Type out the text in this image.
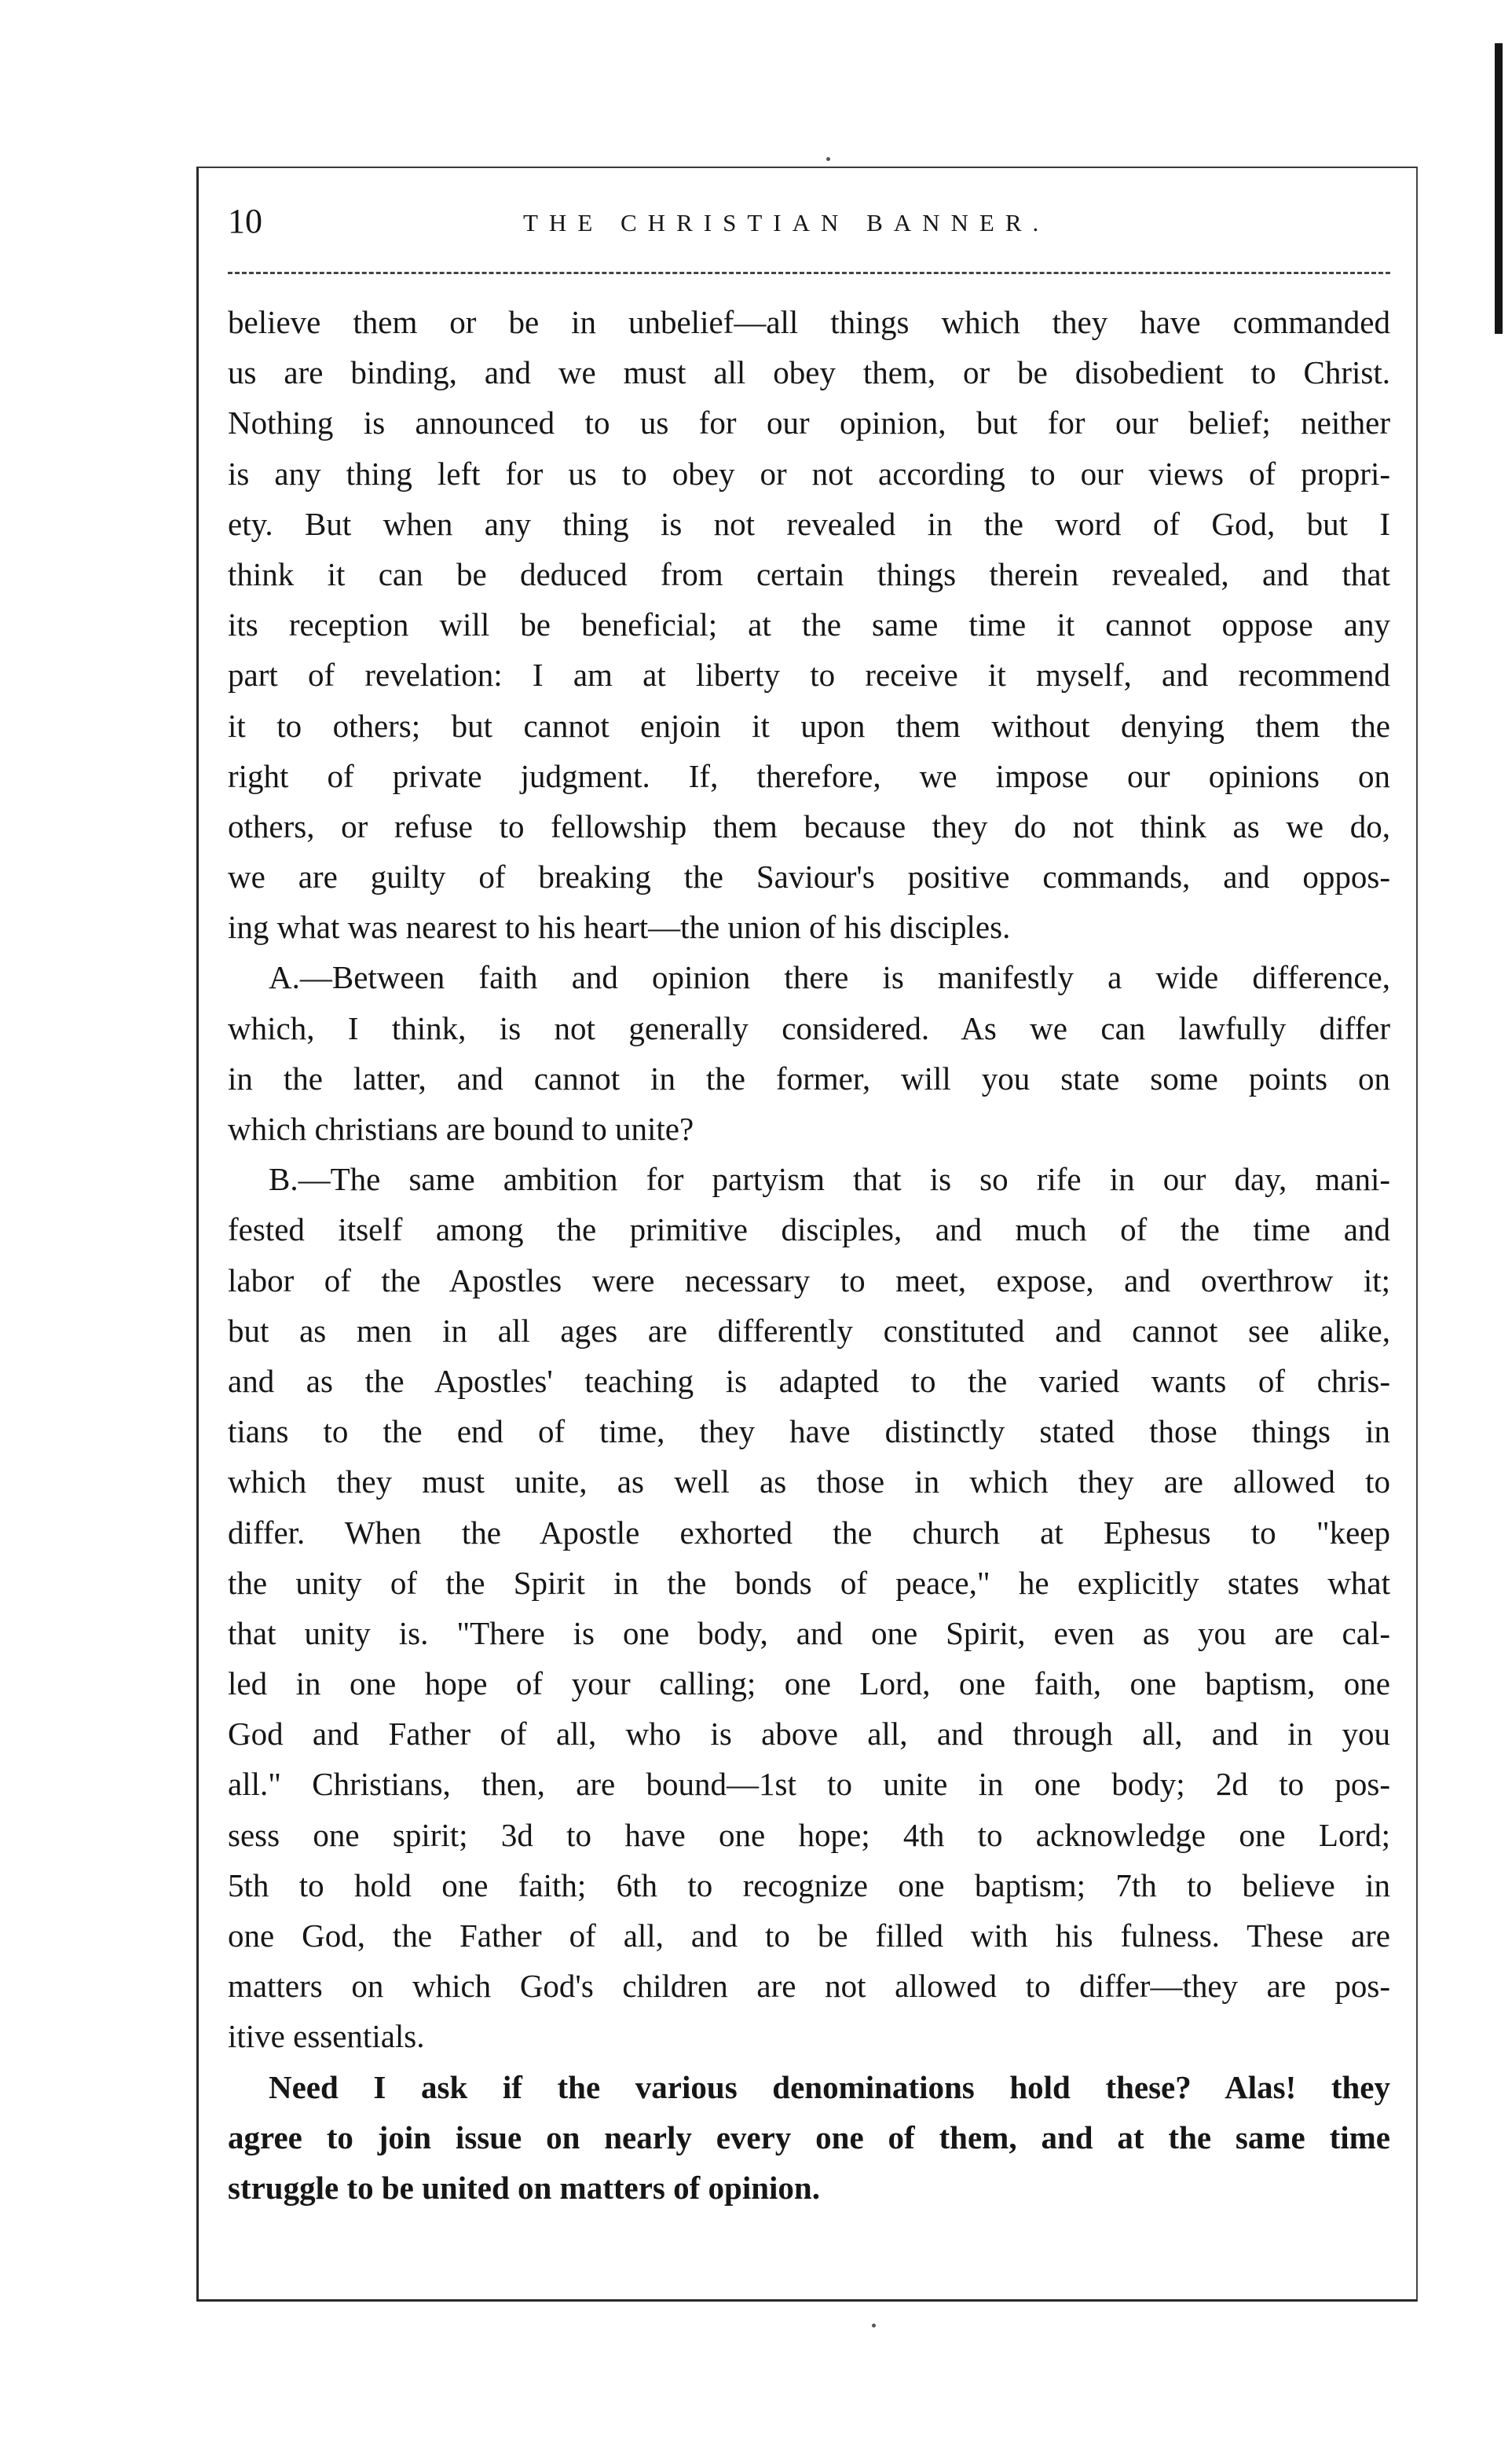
10	THE CHRISTIAN BANNER.
believe them or be in unbelief—all things which they have commanded
us are binding, and we must all obey them, or be disobedient to Christ.
Nothing is announced to us for our opinion, but for our belief; neither
is any thing left for us to obey or not according to our views of propri-
ety. But when any thing is not revealed in the word of God, but I
think it can be deduced from certain things therein revealed, and that
its reception will be beneficial; at the same time it cannot oppose any
part of revelation: I am at liberty to receive it myself, and recommend
it to others; but cannot enjoin it upon them without denying them the
right of private judgment. If, therefore, we impose our opinions on
others, or refuse to fellowship them because they do not think as we do,
we are guilty of breaking the Saviour's positive commands, and oppos-
ing what was nearest to his heart—the union of his disciples.
A.—Between faith and opinion there is manifestly a wide difference,
which, I think, is not generally considered. As we can lawfully differ
in the latter, and cannot in the former, will you state some points on
which christians are bound to unite?
B.—The same ambition for partyism that is so rife in our day, mani-
fested itself among the primitive disciples, and much of the time and
labor of the Apostles were necessary to meet, expose, and overthrow it;
but as men in all ages are differently constituted and cannot see alike,
and as the Apostles' teaching is adapted to the varied wants of chris-
tians to the end of time, they have distinctly stated those things in
which they must unite, as well as those in which they are allowed to
differ. When the Apostle exhorted the church at Ephesus to "keep
the unity of the Spirit in the bonds of peace," he explicitly states what
that unity is. "There is one body, and one Spirit, even as you are cal-
led in one hope of your calling; one Lord, one faith, one baptism, one
God and Father of all, who is above all, and through all, and in you
all." Christians, then, are bound—1st to unite in one body; 2d to pos-
sess one spirit; 3d to have one hope; 4th to acknowledge one Lord;
5th to hold one faith; 6th to recognize one baptism; 7th to believe in
one God, the Father of all, and to be filled with his fulness. These are
matters on which God's children are not allowed to differ—they are pos-
itive essentials.
Need I ask if the various denominations hold these? Alas! they
agree to join issue on nearly every one of them, and at the same time
struggle to be united on matters of opinion.
